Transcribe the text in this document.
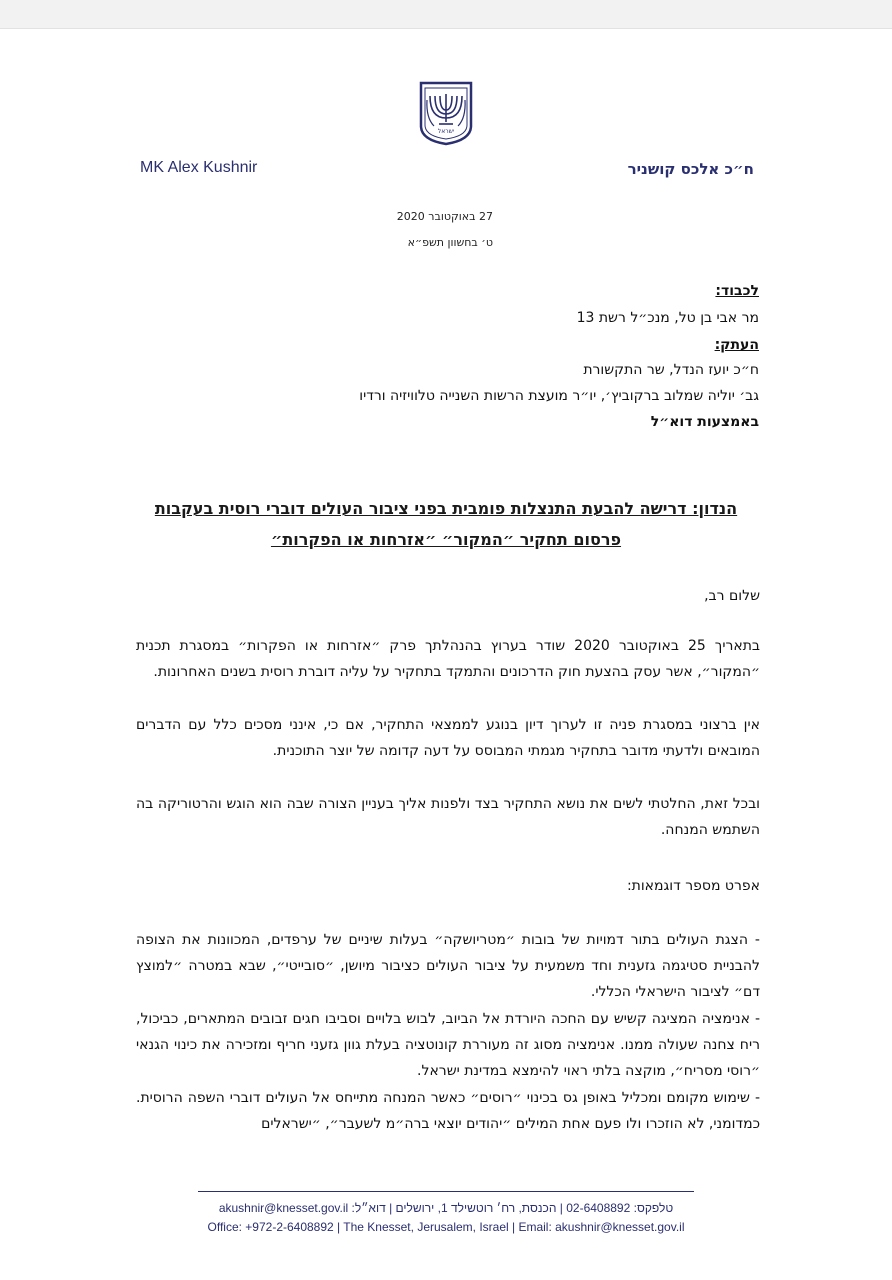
ישראל
MK Alex Kushnir	ח״כ אלכס קושניר
27 באוקטובר 2020
ט׳ בחשוון תשפ״א
לכבוד:
מר אבי בן טל, מנכ״ל רשת 13
העתק:
ח״כ יועז הנדל, שר התקשורת
גב׳ יוליה שמלוב ברקוביץ׳, יו״ר מועצת הרשות השנייה טלוויזיה ורדיו
באמצעות דוא״ל
הנדון: דרישה להבעת התנצלות פומבית בפני ציבור העולים דוברי רוסית בעקבות
פרסום תחקיר ״המקור״ ״אזרחות או הפקרות״

שלום רב,

בתאריך 25 באוקטובר 2020 שודר בערוץ בהנהלתך פרק ״אזרחות או הפקרות״ במסגרת תכנית ״המקור״, אשר עסק בהצעת חוק הדרכונים והתמקד בתחקיר על עליה דוברת רוסית בשנים האחרונות.

אין ברצוני במסגרת פניה זו לערוך דיון בנוגע לממצאי התחקיר, אם כי, אינני מסכים כלל עם הדברים המובאים ולדעתי מדובר בתחקיר מגמתי המבוסס על דעה קדומה של יוצר התוכנית.

ובכל זאת, החלטתי לשים את נושא התחקיר בצד ולפנות אליך בעניין הצורה שבה הוא הוגש והרטוריקה בה השתמש המנחה.

אפרט מספר דוגמאות:

- הצגת העולים בתור דמויות של בובות ״מטריושקה״ בעלות שיניים של ערפדים, המכוונות את הצופה להבניית סטיגמה גזענית וחד משמעית על ציבור העולים כציבור מיושן, ״סובייטי״, שבא במטרה ״למוצץ דם״ לציבור הישראלי הכללי.

- אנימציה המציגה קשיש עם החכה היורדת אל הביוב, לבוש בלויים וסביבו חגים זבובים המתארים, כביכול, ריח צחנה שעולה ממנו. אנימציה מסוג זה מעוררת קונוטציה בעלת גוון גזעני חריף ומזכירה את כינוי הגנאי ״רוסי מסריח״, מוקצה בלתי ראוי להימצא במדינת ישראל.

- שימוש מקומם ומכליל באופן גס בכינוי ״רוסים״ כאשר המנחה מתייחס אל העולים דוברי השפה הרוסית. כמדומני, לא הוזכרו ולו פעם אחת המילים ״יהודים יוצאי ברה״מ לשעבר״, ״ישראלים

טלפקס: 02-6408892 | הכנסת, רח׳ רוטשילד 1, ירושלים | דוא״ל: akushnir@knesset.gov.il
Office: +972-2-6408892 | The Knesset, Jerusalem, Israel | Email: akushnir@knesset.gov.il
